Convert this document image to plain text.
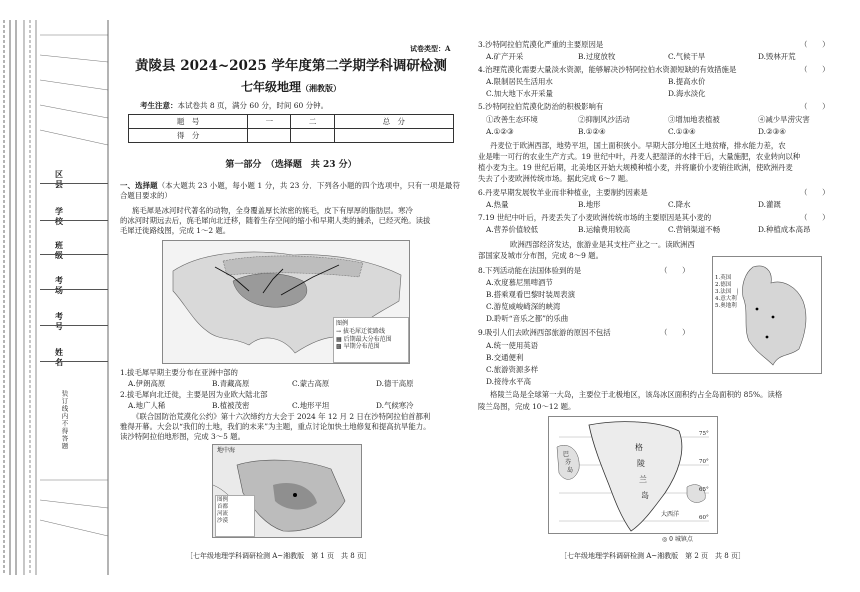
区　县
学　校
班　级
考　场
考　号
姓　名
装订线内不得答题
试卷类型：A
黄陵县 2024~2025 学年度第二学期学科调研检测
七年级地理（湘教版）
考生注意：本试卷共 8 页，满分 60 分，时间 60 分钟。
题　号	一	二	总　分
得　分			
第一部分　（选择题　共 23 分）
一、选择题（本大题共 23 小题，每小题 1 分，共 23 分．下列各小题的四个选项中，只有一项是最符合题目要求的）
旄毛犀是冰河时代著名的动物，全身覆盖厚长浓密的旄毛，皮下有厚厚的脂肪层。寒冷
的冰河时期远去后，旄毛犀向北迁移，随着生存空间的缩小和早期人类的捕杀，已经灭绝。读拔
毛犀迁徙路线图，完成 1～2 题。
图例
→ 拔毛犀迁徙路线
▦ 后期最大分布范围
▩ 早期分布范围
1.拔毛犀早期主要分布在亚洲中部的
A.伊朗高原	B.青藏高原	C.蒙古高原	D.德干高原
2.拔毛犀向北迁徙，主要是因为业欧大陆北部
A.地广人稀	B.植被茂密	C.地形平坦	D.气候寒冷
《联合国防治荒漠化公约》第十六次缔约方大会于 2024 年 12 月 2 日在沙特阿拉伯首都利
雅得开幕。大会以“我们的土地，我们的未来”为主题，重点讨论加快土地修复和提高抗旱能力。
读沙特阿拉伯地形图，完成 3～5 题。
地中海
图例
首都
河流
沙漠
［七年级地理学科调研检测 A~湘教版　第 1 页　共 8 页］
3.沙特阿拉伯荒漠化严重的主要原因是	（　　）
A.矿产开采	B.过度放牧	C.气候干旱	D.毁林开荒
4.治理荒漠化需要大量淡水资源，能够解决沙特阿拉伯水资源短缺的有效措施是	（　　）
A.限制居民生活用水	B.提高水价
C.加大地下水开采量	D.海水淡化
5.沙特阿拉伯荒漠化防治的积极影响有	（　　）
①改善生态环境	②抑制风沙活动	③增加地表植被	④减少旱涝灾害
A.①②③	B.①②④	C.①③④	D.②③④
丹麦位于欧洲西部，地势平坦，国土面积狭小。早期大部分地区土地贫瘠，排水能力差，农
业是唯一可行的农业生产方式。19 世纪中叶，丹麦人把湿泽的水排干后，大量施肥，农业转向以种
植小麦为主。19 世纪后期，北美地区开始大规模种植小麦，并将廉价小麦销往欧洲，使欧洲丹麦
失去了小麦欧洲传统市场。据此完成 6～7 题。
6.丹麦早期发展牧羊业而非种植业，主要制约因素是	（　　）
A.热量	B.地形	C.降水	D.灌溉
7.19 世纪中叶后，丹麦丢失了小麦欧洲传统市场的主要原因是其小麦的	（　　）
A.营养价值较低	B.运输费用较高	C.营销渠道不畅	D.种植成本高昂
欧洲西部经济发达，旅游业是其支柱产业之一。读欧洲西
部国家及城市分布图，完成 8～9 题。
8.下列活动能在法国体验到的是	（　　）
A.欢度慕尼黑啤酒节
B.搭乘观看巴黎时装周表演
C.游览威峻崎深的峡湾
D.聆听“音乐之都”的乐曲
9.吸引人们去欧洲西部旅游的原因不包括	（　　）
A.统一使用英语
B.交通便利
C.旅游资源多样
D.接待水平高
1.英国
2.德国
3.法国
4.意大利
5.奥地利
格陵兰岛是全球第一大岛，主要位于北极地区，该岛冰区面积约占全岛面积的 85%。读格
陵兰岛图，完成 10～12 题。
格
陵
兰
岛
大西洋
巴
芬
岛
75°
70°
65°
60°
◎ 0 城镇点
［七年级地理学科调研检测 A~湘教版　第 2 页　共 8 页］
